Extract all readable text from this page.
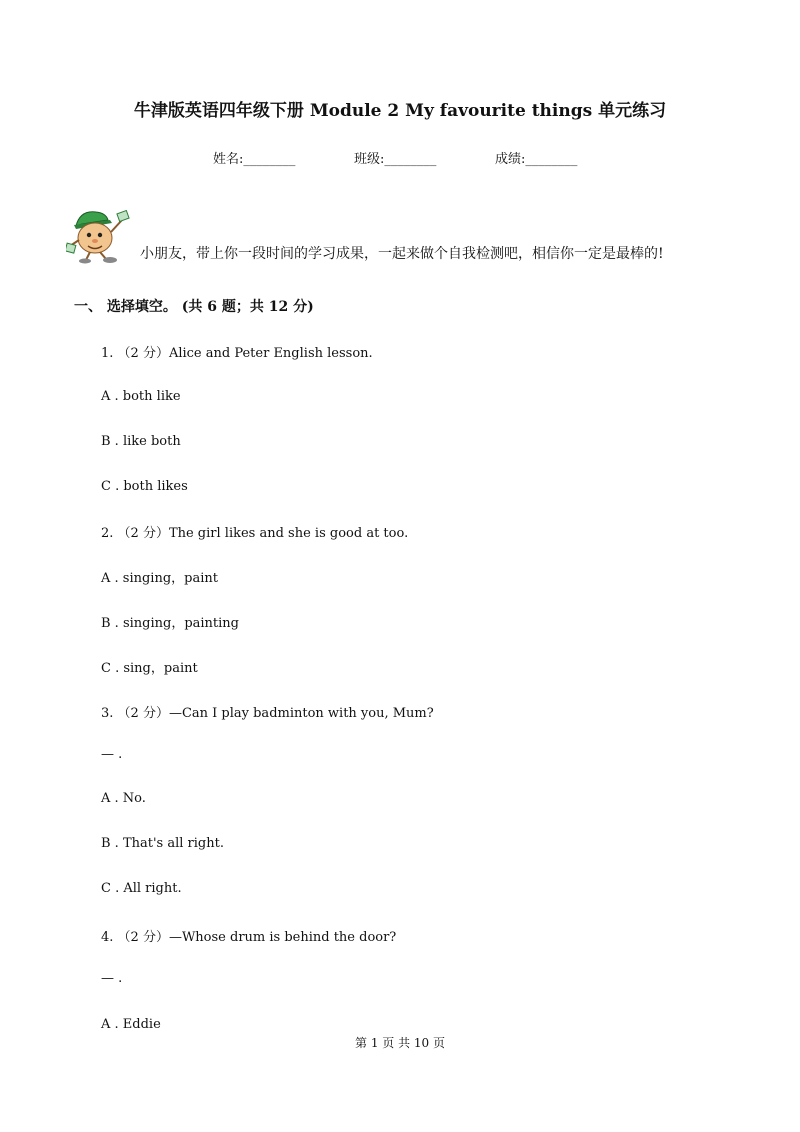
牛津版英语四年级下册 Module 2 My favourite things 单元练习
姓名:________	班级:________	成绩:________
小朋友，带上你一段时间的学习成果，一起来做个自我检测吧，相信你一定是最棒的!
一、 选择填空。 (共 6 题；共 12 分)
1. （2 分）Alice and Peter English lesson.
A . both like
B . like both
C . both likes
2. （2 分）The girl likes and she is good at too.
A . singing，paint
B . singing，painting
C . sing，paint
3. （2 分）—Can I play badminton with you, Mum?
— .
A . No.
B . That's all right.
C . All right.
4. （2 分）—Whose drum is behind the door?
— .
A . Eddie
第 1 页 共 10 页
